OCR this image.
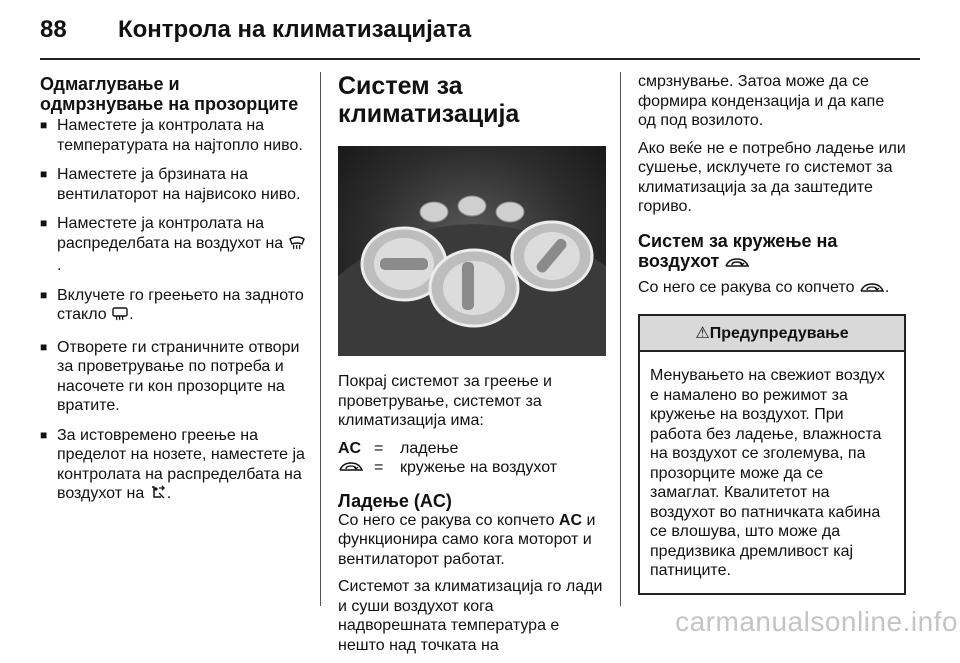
88 Контрола на климатизацијата
Одмаглување и одмрзнување на прозорците
■ Наместете ја контролата на температурата на најтопло ниво.
■ Наместете ја брзината на вентилаторот на највисоко ниво.
■ Наместете ја контролата на распределбата на воздухот на .
■ Вклучете го греењето на задното стакло .
■ Отворете ги страничните отвори за проветрување по потреба и насочете ги кон прозорците на вратите.
■ За истовремено греење на пределот на нозете, наместете ја контролата на распределбата на воздухот на .
Систем за климатизација

Покрај системот за греење и проветрување, системот за климатизација има:

AC	=	ладење
	=	кружење на воздухот
Ладење (AC)

Со него се ракува со копчето AC и функционира само кога моторот и вентилаторот работат.

Системот за климатизација го лади и суши воздухот кога надворешната температура е нешто над точката на

смрзнување. Затоа може да се формира кондензација и да капе од под возилото.

Ако веќе не е потребно ладење или сушење, исклучете го системот за климатизација за да заштедите гориво.

Систем за кружење на воздухот

Со него се ракува со копчето .

⚠Предупредување
Менувањето на свежиот воздух е намалено во режимот за кружење на воздухот. При работа без ладење, влажноста на воздухот се зголемува, па прозорците може да се замаглат. Квалитетот на воздухот во патничката кабина се влошува, што може да предизвика дремливост кај патниците.
carmanualsonline.info
